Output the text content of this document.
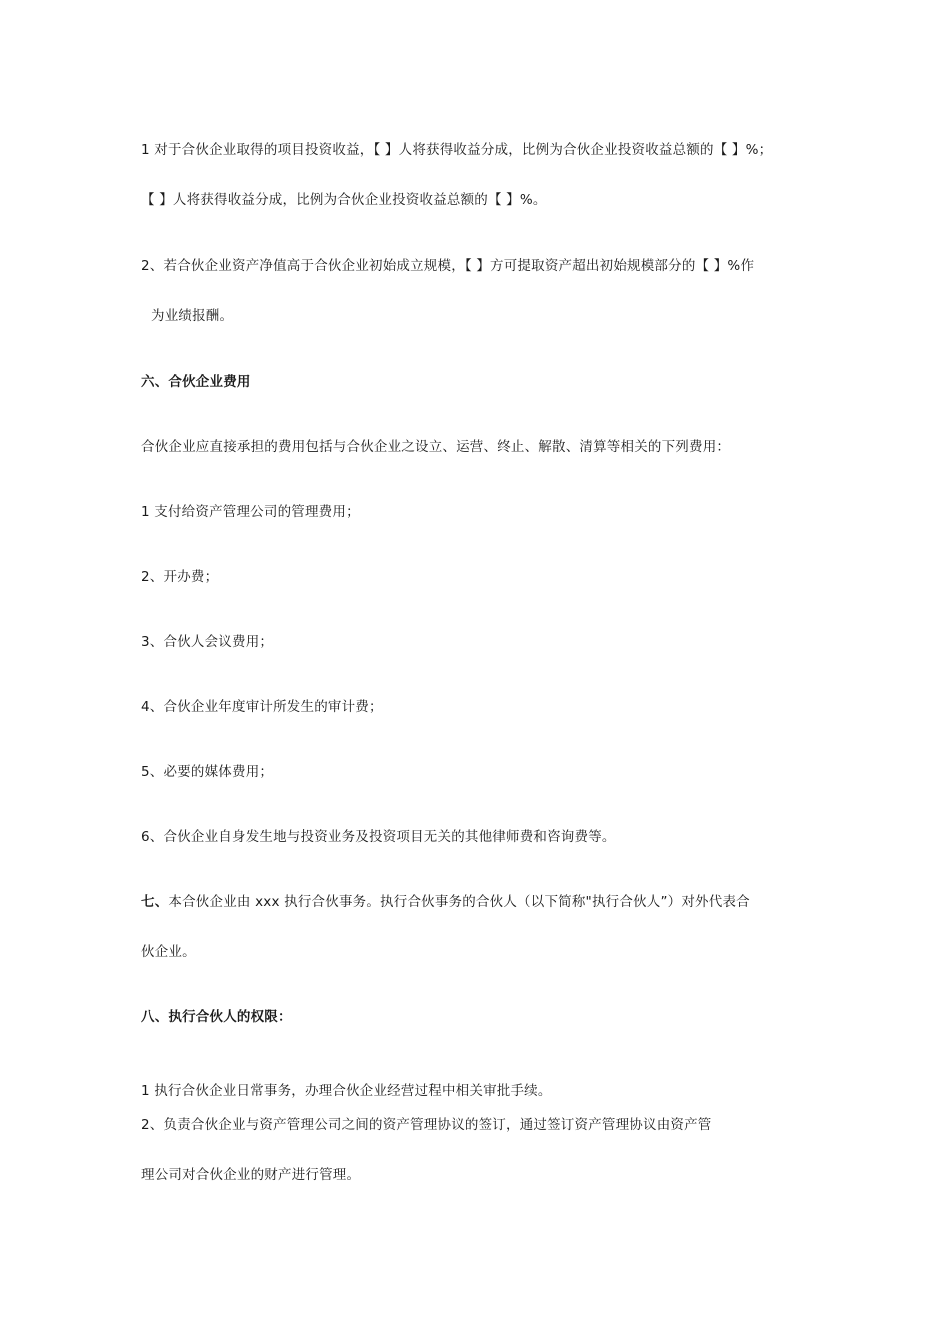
1 对于合伙企业取得的项目投资收益，【 】人将获得收益分成，比例为合伙企业投资收益总额的【 】%；
【 】人将获得收益分成，比例为合伙企业投资收益总额的【 】%。
2、若合伙企业资产净值高于合伙企业初始成立规模，【 】方可提取资产超出初始规模部分的【 】%作
为业绩报酬。
六、合伙企业费用
合伙企业应直接承担的费用包括与合伙企业之设立、运营、终止、解散、清算等相关的下列费用：
1 支付给资产管理公司的管理费用；
2、开办费；
3、合伙人会议费用；
4、合伙企业年度审计所发生的审计费；
5、必要的媒体费用；
6、合伙企业自身发生地与投资业务及投资项目无关的其他律师费和咨询费等。
七、本合伙企业由 xxx 执行合伙事务。执行合伙事务的合伙人（以下简称"执行合伙人”）对外代表合
伙企业。
八、执行合伙人的权限：
1 执行合伙企业日常事务，办理合伙企业经营过程中相关审批手续。
2、负责合伙企业与资产管理公司之间的资产管理协议的签订，通过签订资产管理协议由资产管
理公司对合伙企业的财产进行管理。
